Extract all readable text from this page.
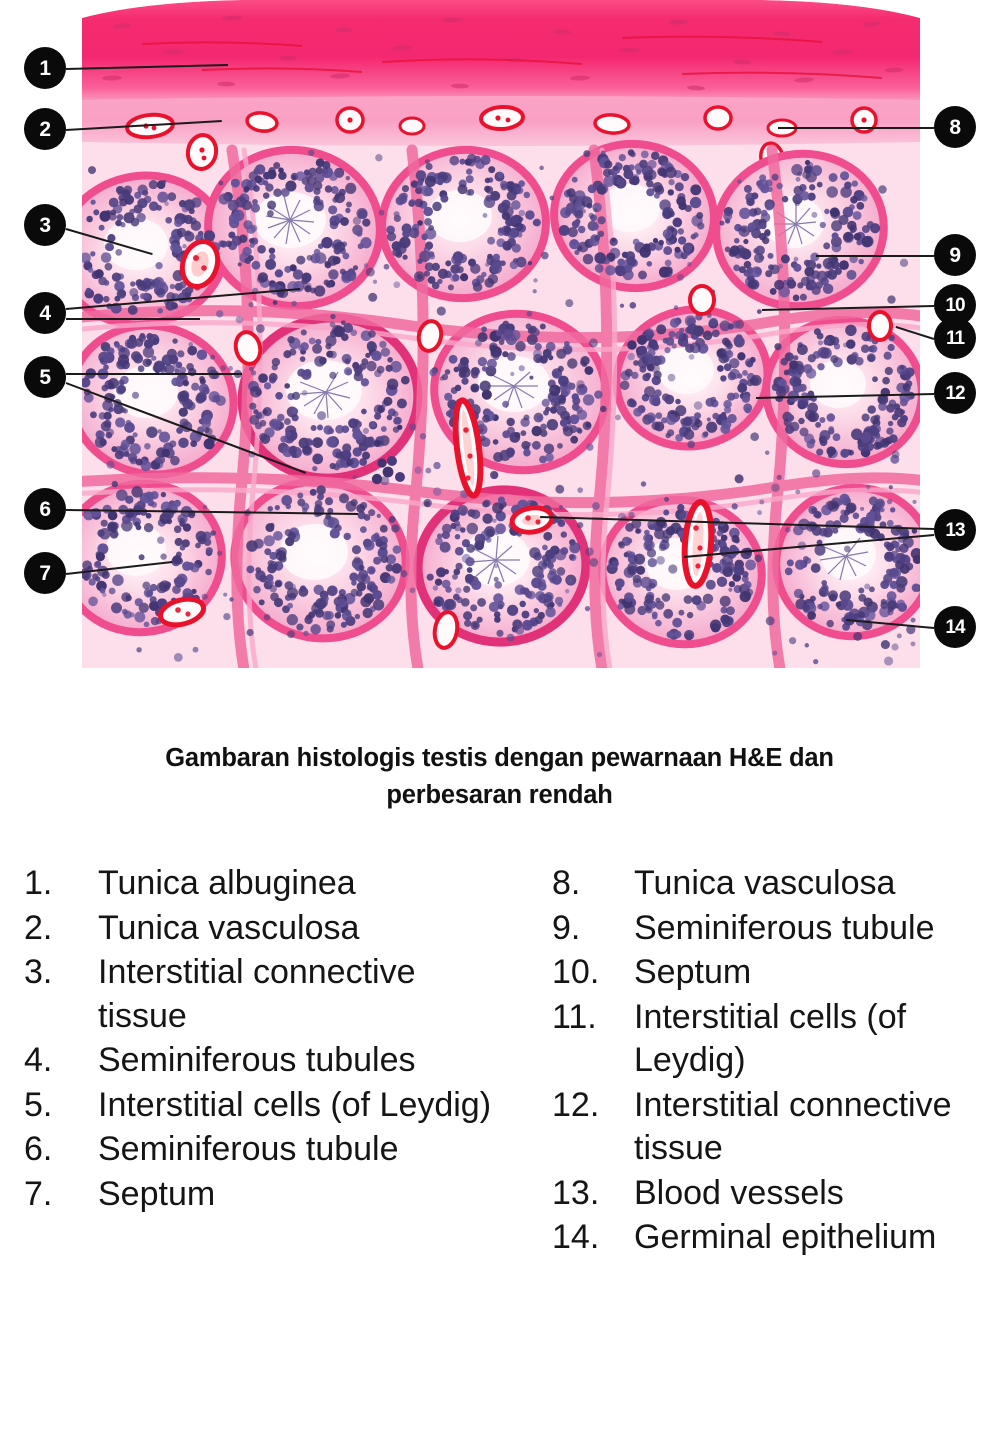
1
2
3
4
5
6
7
8
9
10
11
12
13
14
Gambaran histologis testis dengan pewarnaan H&E dan
perbesaran rendah
1.	Tunica albuginea
2.	Tunica vasculosa
3.	Interstitial connective tissue
4.	Seminiferous tubules
5.	Interstitial cells (of Leydig)
6.	Seminiferous tubule
7.	Septum
8.	Tunica vasculosa
9.	Seminiferous tubule
10.	Septum
11.	Interstitial cells (of Leydig)
12.	Interstitial connective tissue
13.	Blood vessels
14.	Germinal epithelium
